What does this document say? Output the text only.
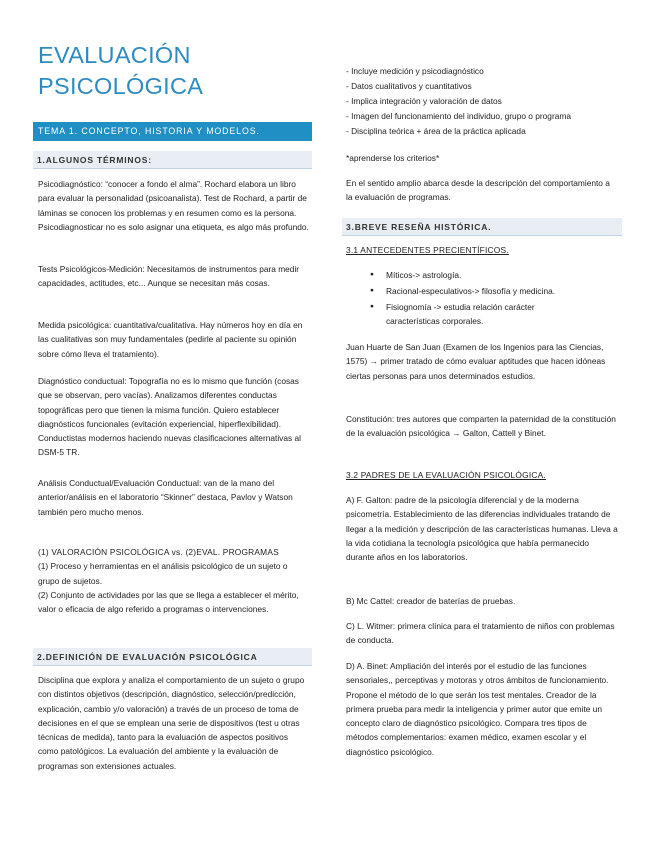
EVALUACIÓN
PSICOLÓGICA
TEMA 1. CONCEPTO, HISTORIA Y MODELOS.
1.ALGUNOS TÉRMINOS:

Psicodiagnóstico: “conocer a fondo el alma”. Rochard elabora un libro para evaluar la personalidad (psicoanalista). Test de Rochard, a partir de láminas se conocen los problemas y en resumen como es la persona. Psicodiagnosticar no es solo asignar una etiqueta, es algo más profundo.

Tests Psicológicos-Medición: Necesitamos de instrumentos para medir capacidades, actitudes, etc... Aunque se necesitan más cosas.

Medida psicológica: cuantitativa/cualitativa. Hay números hoy en día en las cualitativas son muy fundamentales (pedirle al paciente su opinión sobre cómo lleva el tratamiento).

Diagnóstico conductual: Topografía no es lo mismo que función (cosas que se observan, pero vacías). Analizamos diferentes conductas topográficas pero que tienen la misma función. Quiero establecer diagnósticos funcionales (evitación experiencial, hiperflexibilidad). Conductistas modernos haciendo nuevas clasificaciones alternativas al DSM-5 TR.

Análisis Conductual/Evaluación Conductual: van de la mano del anterior/análisis en el laboratorio “Skinner” destaca, Pavlov y Watson también pero mucho menos.

(1) VALORACIÓN PSICOLÓGICA vs. (2)EVAL. PROGRAMAS
(1) Proceso y herramientas en el análisis psicológico de un sujeto o grupo de sujetos.
(2) Conjunto de actividades por las que se llega a establecer el mérito, valor o eficacia de algo referido a programas o intervenciones.
2.DEFINICIÓN DE EVALUACIÓN PSICOLÓGICA

Disciplina que explora y analiza el comportamiento de un sujeto o grupo con distintos objetivos (descripción, diagnóstico, selección/predicción, explicación, cambio y/o valoración) a través de un proceso de toma de decisiones en el que se emplean una serie de dispositivos (test u otras técnicas de medida), tanto para la evaluación de aspectos positivos como patológicos. La evaluación del ambiente y la evaluación de programas son extensiones actuales.

- Incluye medición y psicodiagnóstico
- Datos cualitativos y cuantitativos
- Implica integración y valoración de datos
- Imagen del funcionamiento del individuo, grupo o programa
- Disciplina teórica + área de la práctica aplicada

*aprenderse los criterios*

En el sentido amplio abarca desde la descripción del comportamiento a la evaluación de programas.

3.BREVE RESEÑA HISTÓRICA.
3.1 ANTECEDENTES PRECIENTÍFICOS.
● Míticos-> astrología.
● Racional-especulativos-> filosofía y medicina.
● Fisiognomía -> estudia relación carácter características corporales.

Juan Huarte de San Juan (Examen de los Ingenios para las Ciencias, 1575) → primer tratado de cómo evaluar aptitudes que hacen idóneas ciertas personas para unos determinados estudios.

Constitución: tres autores que comparten la paternidad de la constitución de la evaluación psicológica → Galton, Cattell y Binet.

3.2 PADRES DE LA EVALUACIÓN PSICOLÓGICA.

A) F. Galton: padre de la psicología diferencial y de la moderna psicometría. Establecimiento de las diferencias individuales tratando de llegar a la medición y descripción de las características humanas. Lleva a la vida cotidiana la tecnología psicológica que había permanecido durante años en los laboratorios.

B) Mc Cattel: creador de baterías de pruebas.

C) L. Witmer: primera clínica para el tratamiento de niños con problemas de conducta.

D) A. Binet: Ampliación del interés por el estudio de las funciones sensoriales,, perceptivas y motoras y otros ámbitos de funcionamiento. Propone el método de lo que serán los test mentales. Creador de la primera prueba para medir la inteligencia y primer autor que emite un concepto claro de diagnóstico psicológico. Compara tres tipos de métodos complementarios: examen médico, examen escolar y el diagnóstico psicológico.
